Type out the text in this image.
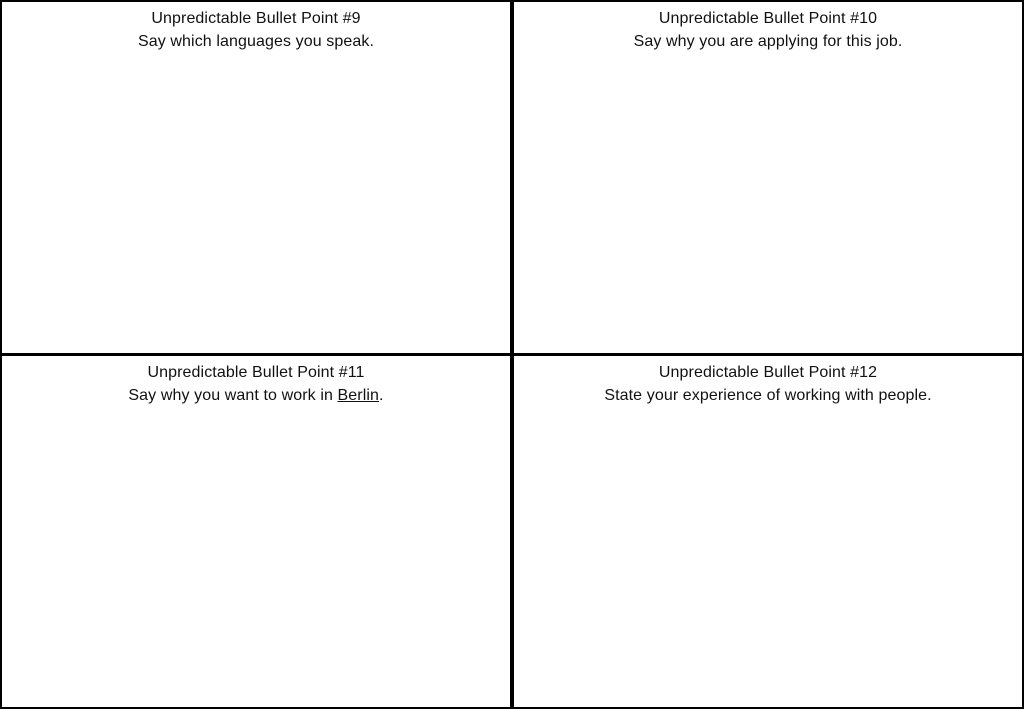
Unpredictable Bullet Point #9
Say which languages you speak.
Unpredictable Bullet Point #10
Say why you are applying for this job.
Unpredictable Bullet Point #11
Say why you want to work in Berlin.
Unpredictable Bullet Point #12
State your experience of working with people.
